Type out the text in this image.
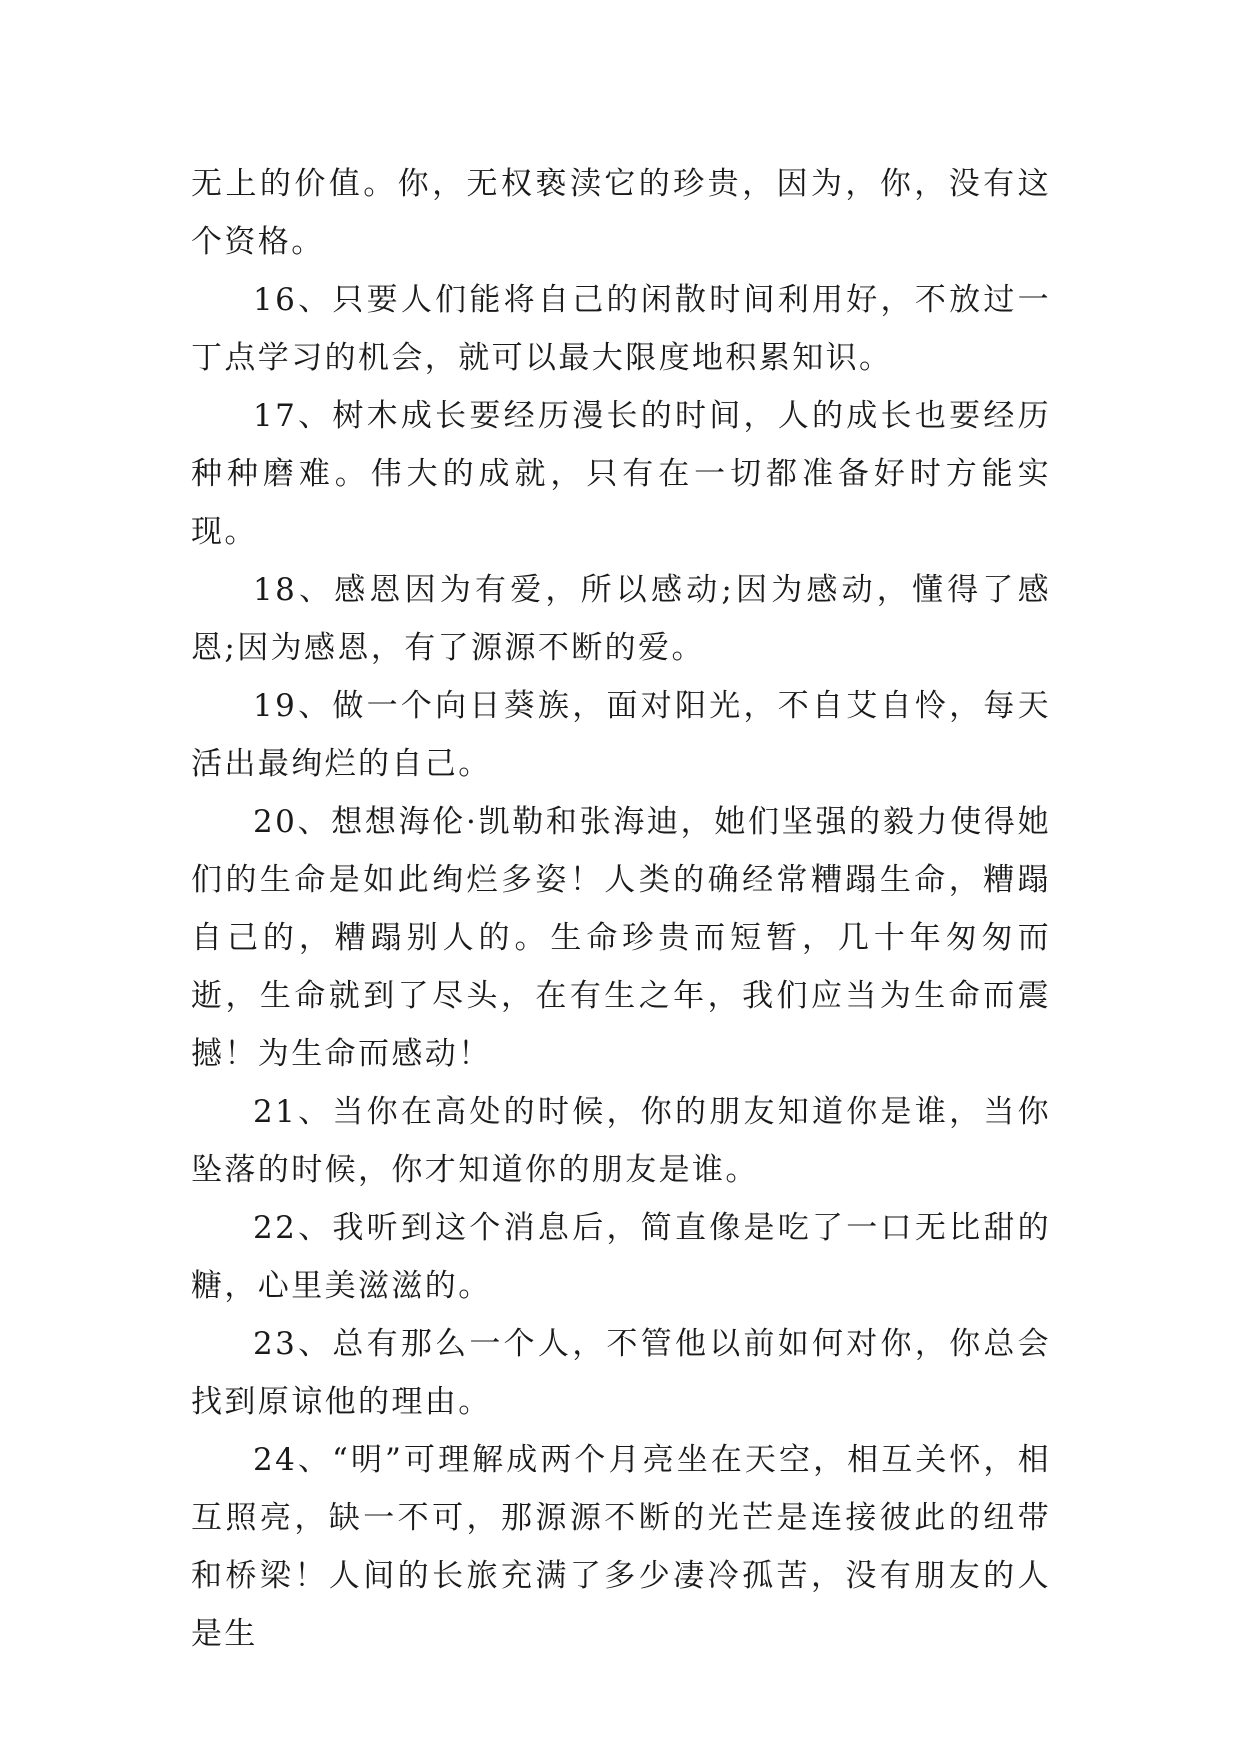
无上的价值。你，无权亵渎它的珍贵，因为，你，没有这个资格。

16、只要人们能将自己的闲散时间利用好，不放过一丁点学习的机会，就可以最大限度地积累知识。

17、树木成长要经历漫长的时间，人的成长也要经历种种磨难。伟大的成就，只有在一切都准备好时方能实现。

18、感恩因为有爱，所以感动;因为感动，懂得了感恩;因为感恩，有了源源不断的爱。

19、做一个向日葵族，面对阳光，不自艾自怜，每天活出最绚烂的自己。

20、想想海伦·凯勒和张海迪，她们坚强的毅力使得她们的生命是如此绚烂多姿！人类的确经常糟蹋生命，糟蹋自己的，糟蹋别人的。生命珍贵而短暂，几十年匆匆而逝，生命就到了尽头，在有生之年，我们应当为生命而震撼！为生命而感动！

21、当你在高处的时候，你的朋友知道你是谁，当你坠落的时候，你才知道你的朋友是谁。

22、我听到这个消息后，简直像是吃了一口无比甜的糖，心里美滋滋的。

23、总有那么一个人，不管他以前如何对你，你总会找到原谅他的理由。

24、“明”可理解成两个月亮坐在天空，相互关怀，相互照亮，缺一不可，那源源不断的光芒是连接彼此的纽带和桥梁！人间的长旅充满了多少凄冷孤苦，没有朋友的人是生
